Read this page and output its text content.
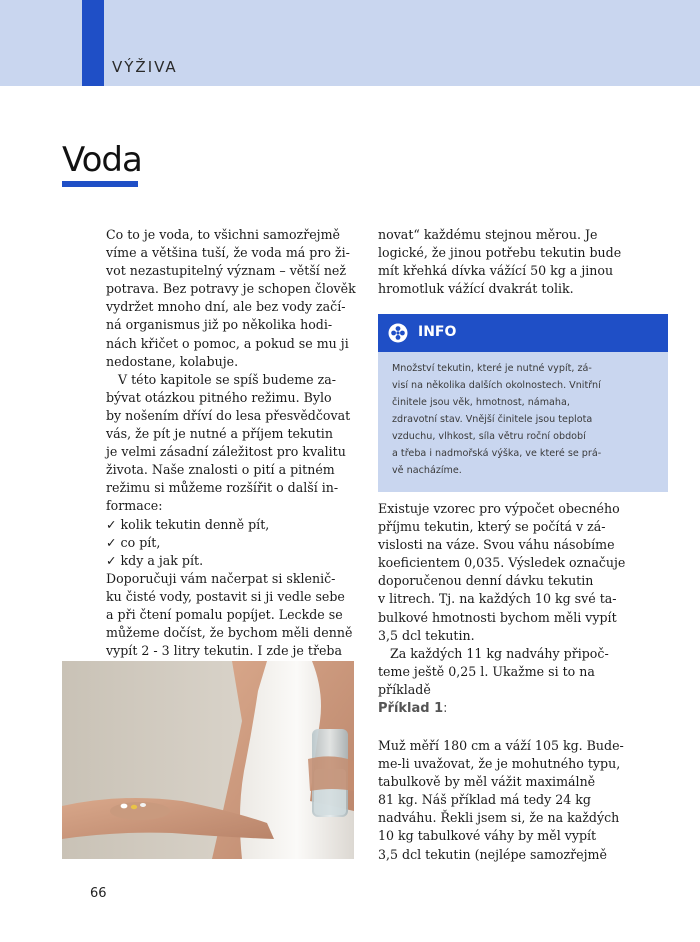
VÝŽIVA
Voda

Co to je voda, to všichni samozřejmě

víme a většina tuší, že voda má pro ži-

vot nezastupitelný význam – větší než

potrava. Bez potravy je schopen člověk

vydržet mnoho dní, ale bez vody začí-

ná organismus již po několika hodi-

nách křičet o pomoc, a pokud se mu ji

nedostane, kolabuje.

V této kapitole se spíš budeme za-

bývat otázkou pitného režimu. Bylo

by nošením dříví do lesa přesvědčovat

vás, že pít je nutné a příjem tekutin

je velmi zásadní záležitost pro kvalitu

života. Naše znalosti o pití a pitném

režimu si můžeme rozšířit o další in-

formace:

✓ kolik tekutin denně pít,

✓ co pít,

✓ kdy a jak pít.

Doporučuji vám načerpat si sklenič-

ku čisté vody, postavit si ji vedle sebe

a při čtení pomalu popíjet. Leckde se

můžeme dočíst, že bychom měli denně

vypít 2 - 3 litry tekutin. I zde je třeba

novat“ každému stejnou měrou. Je

logické, že jinou potřebu tekutin bude

mít křehká dívka vážící 50 kg a jinou

hromotluk vážící dvakrát tolik.

INFO

Množství tekutin, které je nutné vypít, zá-

visí na několika dalších okolnostech. Vnitřní

činitele jsou věk, hmotnost, námaha,

zdravotní stav. Vnější činitele jsou teplota

vzduchu, vlhkost, síla větru roční období

a třeba i nadmořská výška, ve které se prá-

vě nacházíme.

Existuje vzorec pro výpočet obecného

příjmu tekutin, který se počítá v zá-

vislosti na váze. Svou váhu násobíme

koeficientem 0,035. Výsledek označuje

doporučenou denní dávku tekutin

v litrech. Tj. na každých 10 kg své ta-

bulkové hmotnosti bychom měli vypít

3,5 dcl tekutin.

Za každých 11 kg nadváhy připoč-

teme ještě 0,25 l. Ukažme si to na

příkladě

Příklad 1:

Muž měří 180 cm a váží 105 kg. Bude-

me-li uvažovat, že je mohutného typu,

tabulkově by měl vážit maximálně

81 kg. Náš příklad má tedy 24 kg

nadváhu. Řekli jsem si, že na každých

10 kg tabulkové váhy by měl vypít

3,5 dcl tekutin (nejlépe samozřejmě

66
